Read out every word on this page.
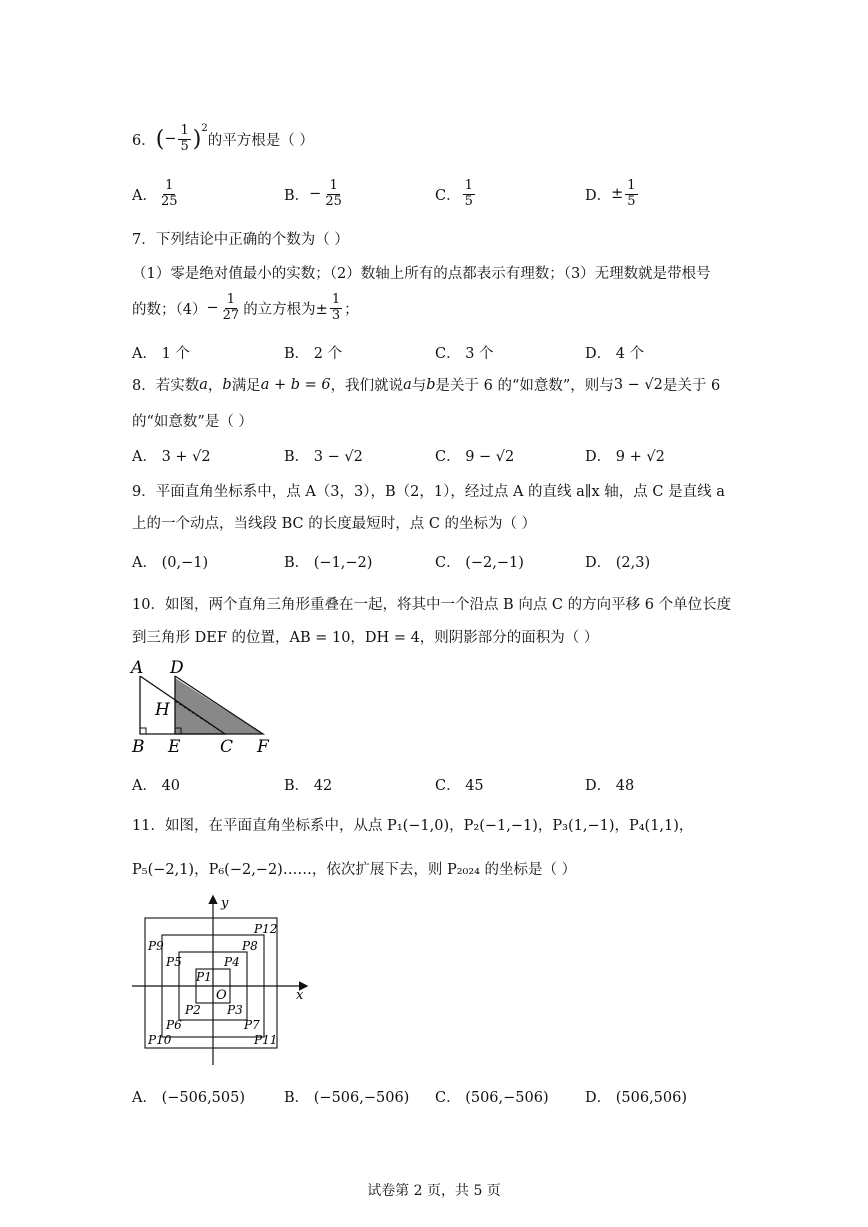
6． ( − $\frac{1}{5}$ ) 2
的平方根是（ ）
A． $\frac{1}{25}$	B． − $\frac{1}{25}$	C． $\frac{1}{5}$	D． ± $\frac{1}{5}$
7．下列结论中正确的个数为（ ）
（1）零是绝对值最小的实数；（2）数轴上所有的点都表示有理数；（3）无理数就是带根号
的数；$(4) - \frac{1}{27}$ 的立方根为± $\frac{1}{3}$ ；
A． 1 个	B． 2 个	C． 3 个	D． 4 个
8．若实数 a ， b 满足 a + b = 6 ，我们就说 a 与 b 是关于 6 的“如意数”，则与 3 − √2 是关于 6
的“如意数”是（ ）
A． 3 + √2	B． 3 − √2	C． 9 − √2	D． 9 + √2
9．平面直角坐标系中，点 A（3，3），B（2，1），经过点 A 的直线 a∥x 轴，点 C 是直线 a
上的一个动点，当线段 BC 的长度最短时，点 C 的坐标为（ ）
A． (0,−1)	B． (−1,−2)	C． (−2,−1)	D． (2,3)
10．如图，两个直角三角形重叠在一起，将其中一个沿点 B 向点 C 的方向平移 6 个单位长度
到三角形 DEF 的位置，AB = 10，DH = 4，则阴影部分的面积为（ ）
A D
H
B E C F
A． 40	B． 42	C． 45	D． 48
11．如图，在平面直角坐标系中，从点 P₁(−1,0)，P₂(−1,−1)，P₃(1,−1)，P₄(1,1)，
P₅(−2,1)，P₆(−2,−2)……，依次扩展下去，则 P₂₀₂₄ 的坐标是（ ）
y
x
O
P1
P2 P3
P4
P5
P6	P7
P8
P9
P10	P11
P12
A． (−506,505)	B． (−506,−506) C． (506,−506)	D． (506,506)
试卷第 2 页，共 5 页
